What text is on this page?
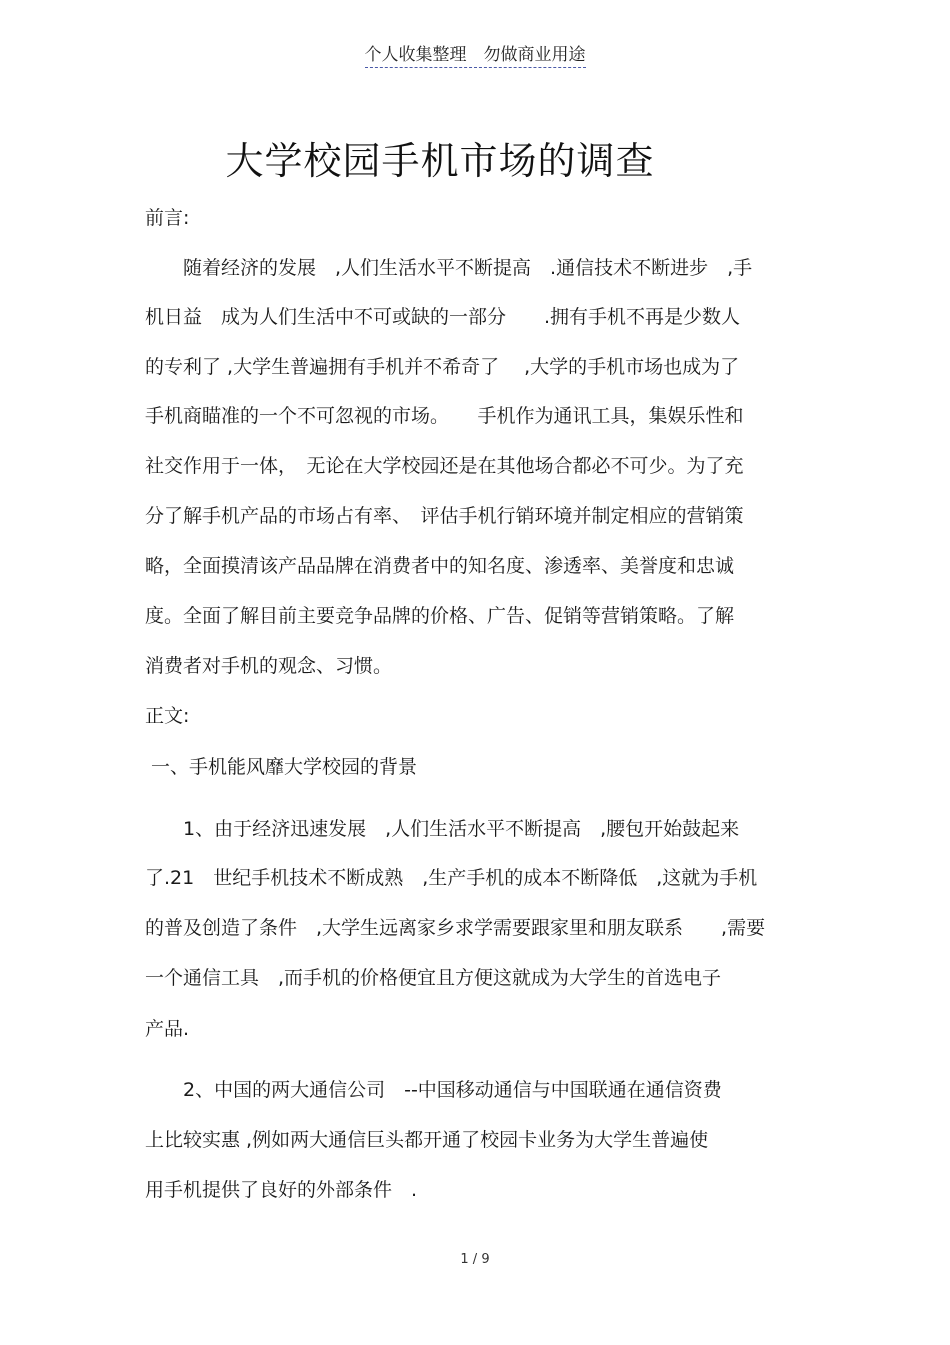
个人收集整理　勿做商业用途
大学校园手机市场的调查
前言:
　　随着经济的发展　,人们生活水平不断提高　.通信技术不断进步　,手
机日益　成为人们生活中不可或缺的一部分　　.拥有手机不再是少数人
的专利了 ,大学生普遍拥有手机并不希奇了　 ,大学的手机市场也成为了
手机商瞄准的一个不可忽视的市场。　　手机作为通讯工具，集娱乐性和
社交作用于一体，　无论在大学校园还是在其他场合都必不可少。为了充
分了解手机产品的市场占有率、　评估手机行销环境并制定相应的营销策
略，全面摸清该产品品牌在消费者中的知名度、渗透率、美誉度和忠诚
度。全面了解目前主要竞争品牌的价格、广告、促销等营销策略。了解
消费者对手机的观念、习惯。
正文:
一、手机能风靡大学校园的背景
　　1、由于经济迅速发展　,人们生活水平不断提高　,腰包开始鼓起来
了.21　世纪手机技术不断成熟　,生产手机的成本不断降低　,这就为手机
的普及创造了条件　,大学生远离家乡求学需要跟家里和朋友联系　　,需要
一个通信工具　,而手机的价格便宜且方便这就成为大学生的首选电子
产品.
　　2、中国的两大通信公司　--中国移动通信与中国联通在通信资费
上比较实惠 ,例如两大通信巨头都开通了校园卡业务为大学生普遍使
用手机提供了良好的外部条件　.
1 / 9
